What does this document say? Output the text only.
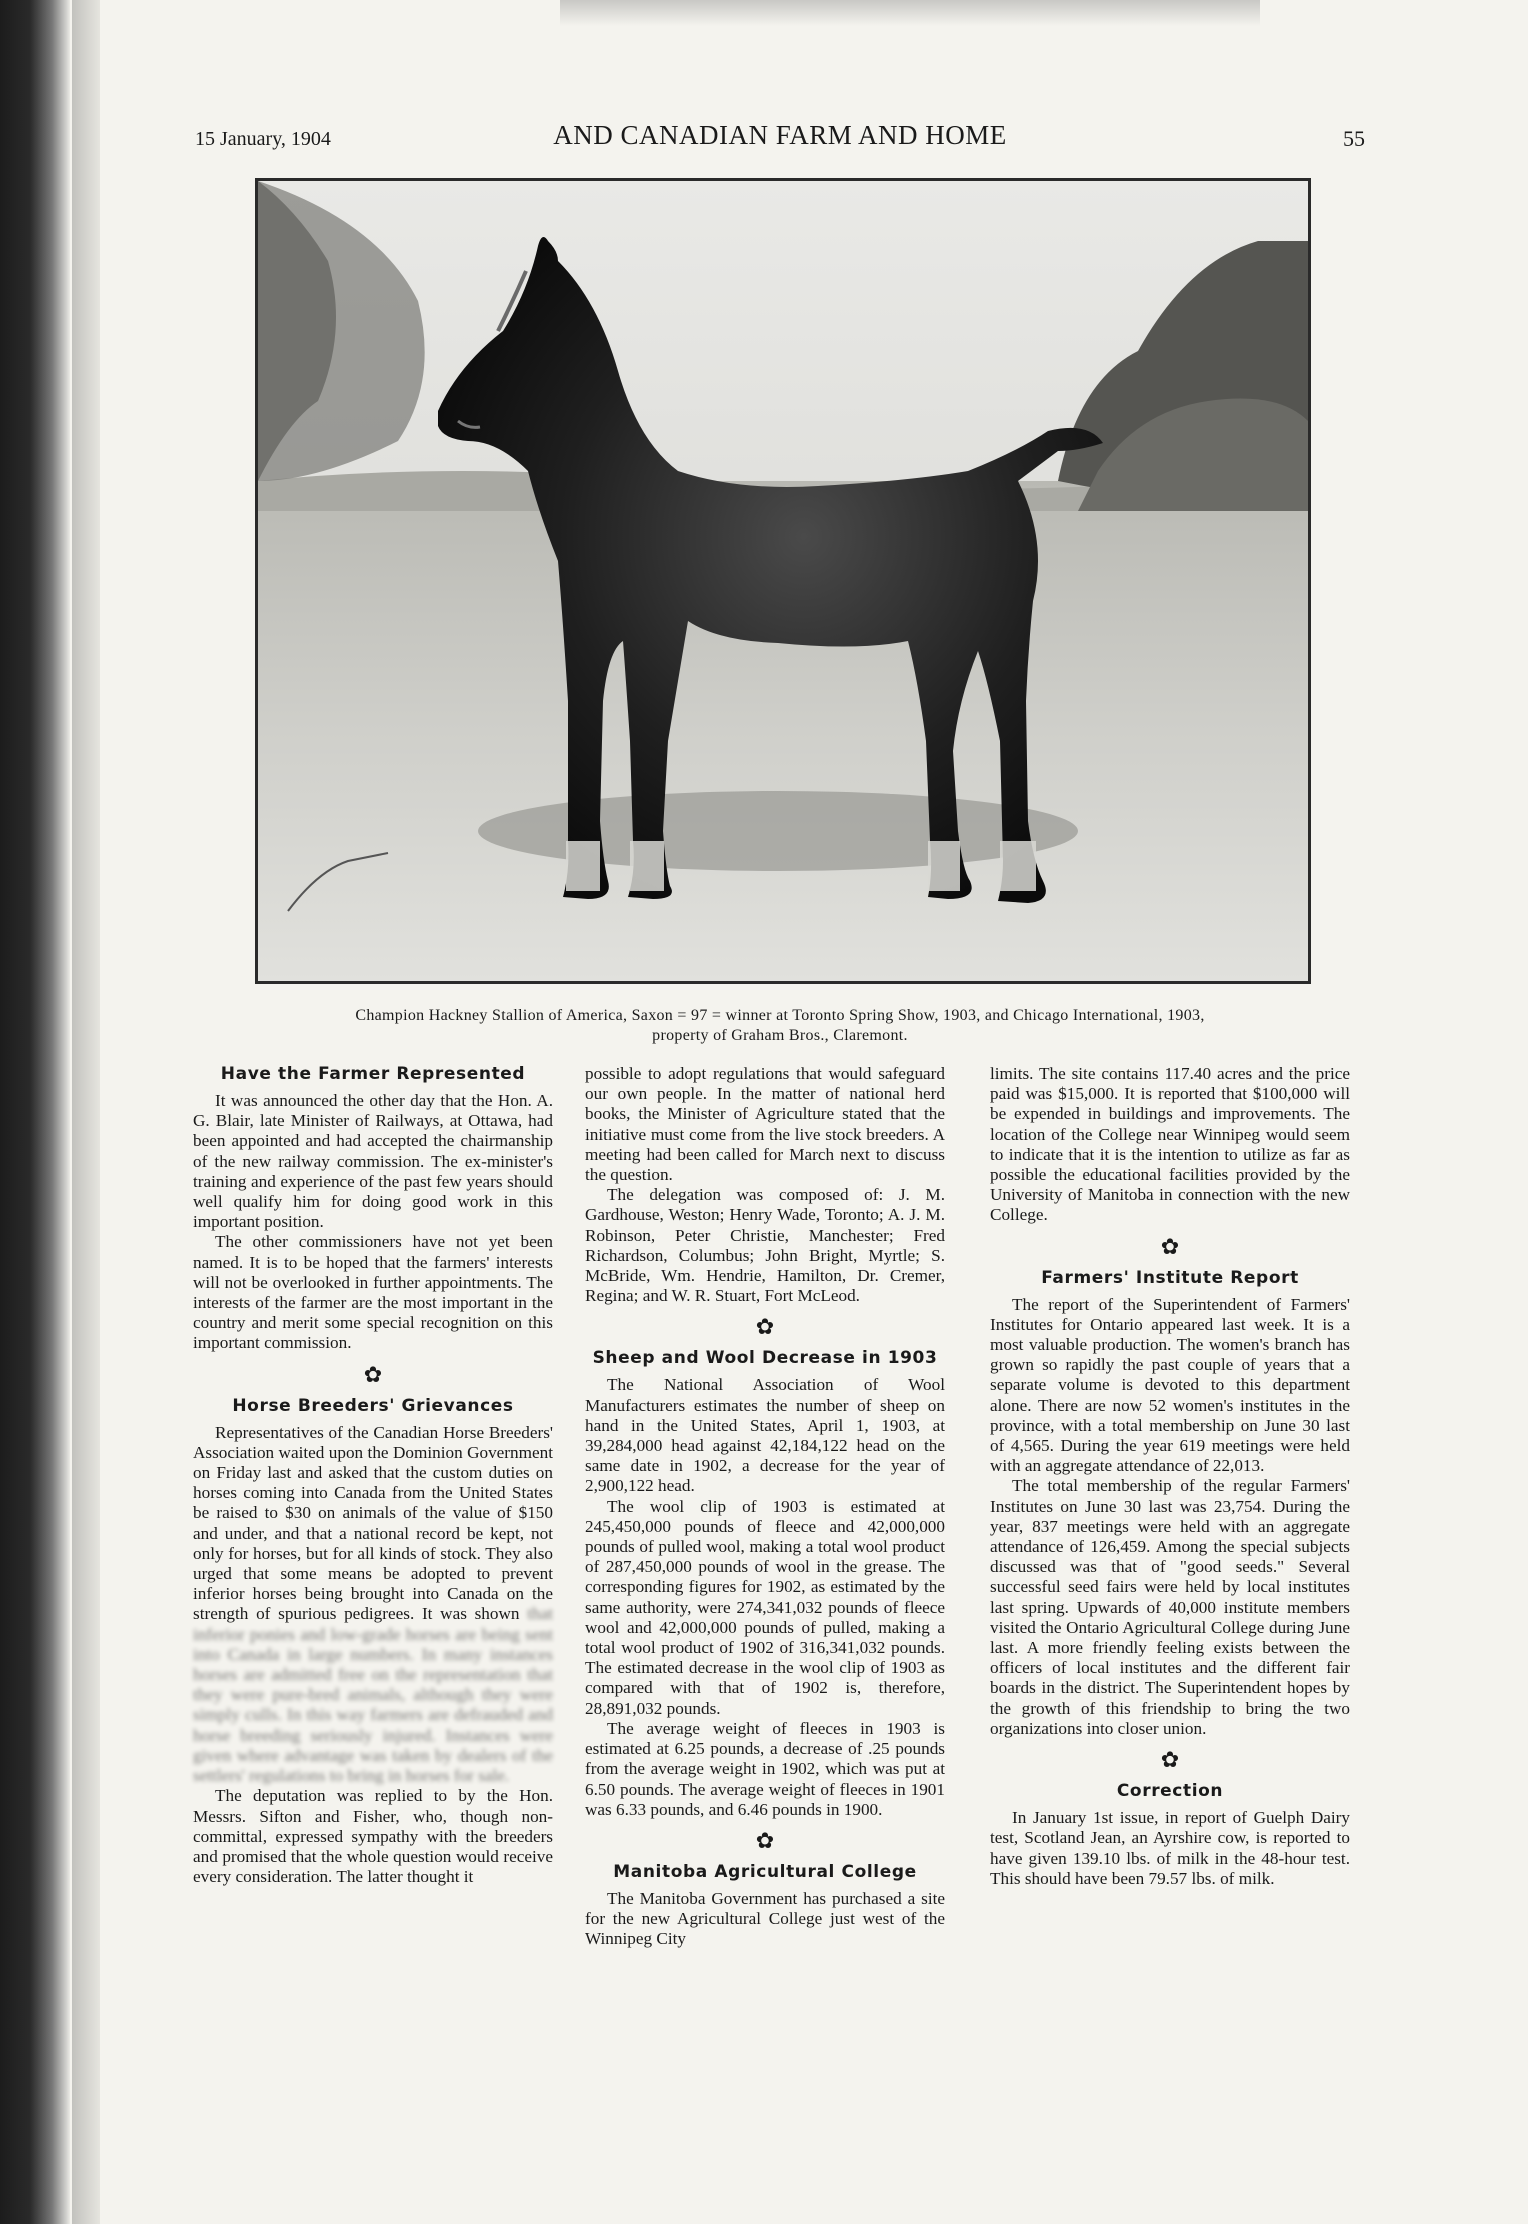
15 January, 1904	AND CANADIAN FARM AND HOME	55
Champion Hackney Stallion of America, Saxon = 97 = winner at Toronto Spring Show, 1903, and Chicago International, 1903,
property of Graham Bros., Claremont.
Have the Farmer Represented

It was announced the other day that the Hon. A. G. Blair, late Minister of Railways, at Ottawa, had been appointed and had accepted the chairmanship of the new railway commission. The ex-minister's training and experience of the past few years should well qualify him for doing good work in this important position.

The other commissioners have not yet been named. It is to be hoped that the farmers' interests will not be overlooked in further appointments. The interests of the farmer are the most important in the country and merit some special recognition on this important commission.

✿
Horse Breeders' Grievances

Representatives of the Canadian Horse Breeders' Association waited upon the Dominion Government on Friday last and asked that the custom duties on horses coming into Canada from the United States be raised to $30 on animals of the value of $150 and under, and that a national record be kept, not only for horses, but for all kinds of stock. They also urged that some means be adopted to prevent inferior horses being brought into Canada on the strength of spurious pedigrees. It was shown that inferior ponies and low-grade horses are being sent into Canada in large numbers. In many instances horses are admitted free on the representation that they were pure-bred animals, although they were simply culls. In this way farmers are defrauded and horse breeding seriously injured. Instances were given where advantage was taken by dealers of the settlers' regulations to bring in horses for sale.

The deputation was replied to by the Hon. Messrs. Sifton and Fisher, who, though non-committal, expressed sympathy with the breeders and promised that the whole question would receive every consideration. The latter thought it

possible to adopt regulations that would safeguard our own people. In the matter of national herd books, the Minister of Agriculture stated that the initiative must come from the live stock breeders. A meeting had been called for March next to discuss the question.

The delegation was composed of: J. M. Gardhouse, Weston; Henry Wade, Toronto; A. J. M. Robinson, Peter Christie, Manchester; Fred Richardson, Columbus; John Bright, Myrtle; S. McBride, Wm. Hendrie, Hamilton, Dr. Cremer, Regina; and W. R. Stuart, Fort McLeod.

✿
Sheep and Wool Decrease in 1903

The National Association of Wool Manufacturers estimates the number of sheep on hand in the United States, April 1, 1903, at 39,284,000 head against 42,184,122 head on the same date in 1902, a decrease for the year of 2,900,122 head.

The wool clip of 1903 is estimated at 245,450,000 pounds of fleece and 42,000,000 pounds of pulled wool, making a total wool product of 287,450,000 pounds of wool in the grease. The corresponding figures for 1902, as estimated by the same authority, were 274,341,032 pounds of fleece wool and 42,000,000 pounds of pulled, making a total wool product of 1902 of 316,341,032 pounds. The estimated decrease in the wool clip of 1903 as compared with that of 1902 is, therefore, 28,891,032 pounds.

The average weight of fleeces in 1903 is estimated at 6.25 pounds, a decrease of .25 pounds from the average weight in 1902, which was put at 6.50 pounds. The average weight of fleeces in 1901 was 6.33 pounds, and 6.46 pounds in 1900.

✿
Manitoba Agricultural College

The Manitoba Government has purchased a site for the new Agricultural College just west of the Winnipeg City

limits. The site contains 117.40 acres and the price paid was $15,000. It is reported that $100,000 will be expended in buildings and improvements. The location of the College near Winnipeg would seem to indicate that it is the intention to utilize as far as possible the educational facilities provided by the University of Manitoba in connection with the new College.

✿
Farmers' Institute Report

The report of the Superintendent of Farmers' Institutes for Ontario appeared last week. It is a most valuable production. The women's branch has grown so rapidly the past couple of years that a separate volume is devoted to this department alone. There are now 52 women's institutes in the province, with a total membership on June 30 last of 4,565. During the year 619 meetings were held with an aggregate attendance of 22,013.

The total membership of the regular Farmers' Institutes on June 30 last was 23,754. During the year, 837 meetings were held with an aggregate attendance of 126,459. Among the special subjects discussed was that of "good seeds." Several successful seed fairs were held by local institutes last spring. Upwards of 40,000 institute members visited the Ontario Agricultural College during June last. A more friendly feeling exists between the officers of local institutes and the different fair boards in the district. The Superintendent hopes by the growth of this friendship to bring the two organizations into closer union.

✿
Correction

In January 1st issue, in report of Guelph Dairy test, Scotland Jean, an Ayrshire cow, is reported to have given 139.10 lbs. of milk in the 48-hour test. This should have been 79.57 lbs. of milk.
